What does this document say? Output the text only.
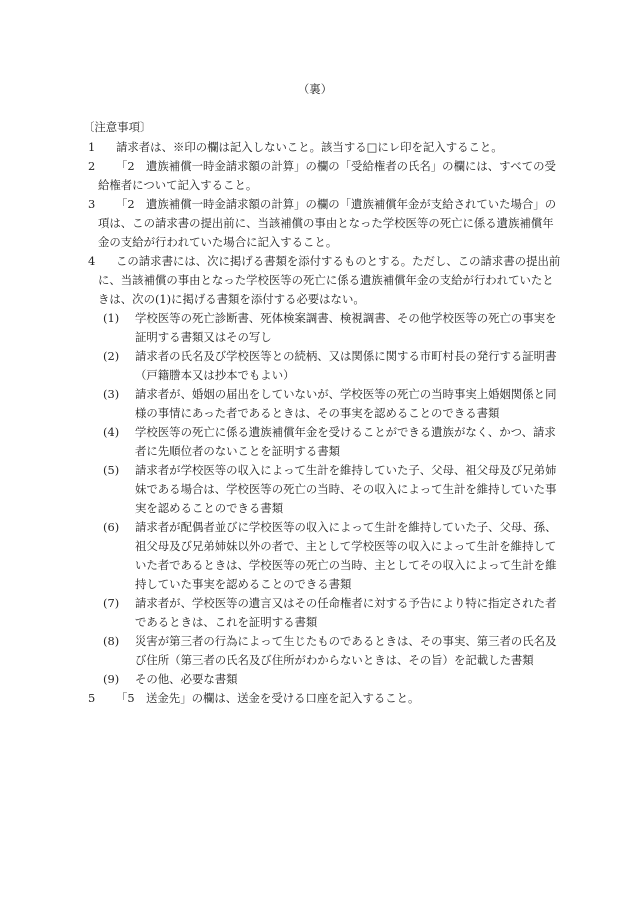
（裏）
〔注意事項〕
1	請求者は、※印の欄は記入しないこと。該当する□にレ印を記入すること。
2	「2　遺族補償一時金請求額の計算」の欄の「受給権者の氏名」の欄には、すべての受給権者について記入すること。
3	「2　遺族補償一時金請求額の計算」の欄の「遺族補償年金が支給されていた場合」の項は、この請求書の提出前に、当該補償の事由となった学校医等の死亡に係る遺族補償年金の支給が行われていた場合に記入すること。
4	この請求書には、次に掲げる書類を添付するものとする。ただし、この請求書の提出前に、当該補償の事由となった学校医等の死亡に係る遺族補償年金の支給が行われていたときは、次の(1)に掲げる書類を添付する必要はない。
(1) 学校医等の死亡診断書、死体検案調書、検視調書、その他学校医等の死亡の事実を証明する書類又はその写し
(2) 請求者の氏名及び学校医等との続柄、又は関係に関する市町村長の発行する証明書（戸籍謄本又は抄本でもよい）
(3) 請求者が、婚姻の届出をしていないが、学校医等の死亡の当時事実上婚姻関係と同様の事情にあった者であるときは、その事実を認めることのできる書類
(4) 学校医等の死亡に係る遺族補償年金を受けることができる遺族がなく、かつ、請求者に先順位者のないことを証明する書類
(5) 請求者が学校医等の収入によって生計を維持していた子、父母、祖父母及び兄弟姉妹である場合は、学校医等の死亡の当時、その収入によって生計を維持していた事実を認めることのできる書類
(6) 請求者が配偶者並びに学校医等の収入によって生計を維持していた子、父母、孫、祖父母及び兄弟姉妹以外の者で、主として学校医等の収入によって生計を維持していた者であるときは、学校医等の死亡の当時、主としてその収入によって生計を維持していた事実を認めることのできる書類
(7) 請求者が、学校医等の遺言又はその任命権者に対する予告により特に指定された者であるときは、これを証明する書類
(8) 災害が第三者の行為によって生じたものであるときは、その事実、第三者の氏名及び住所（第三者の氏名及び住所がわからないときは、その旨）を記載した書類
(9) その他、必要な書類
5	「5　送金先」の欄は、送金を受ける口座を記入すること。
